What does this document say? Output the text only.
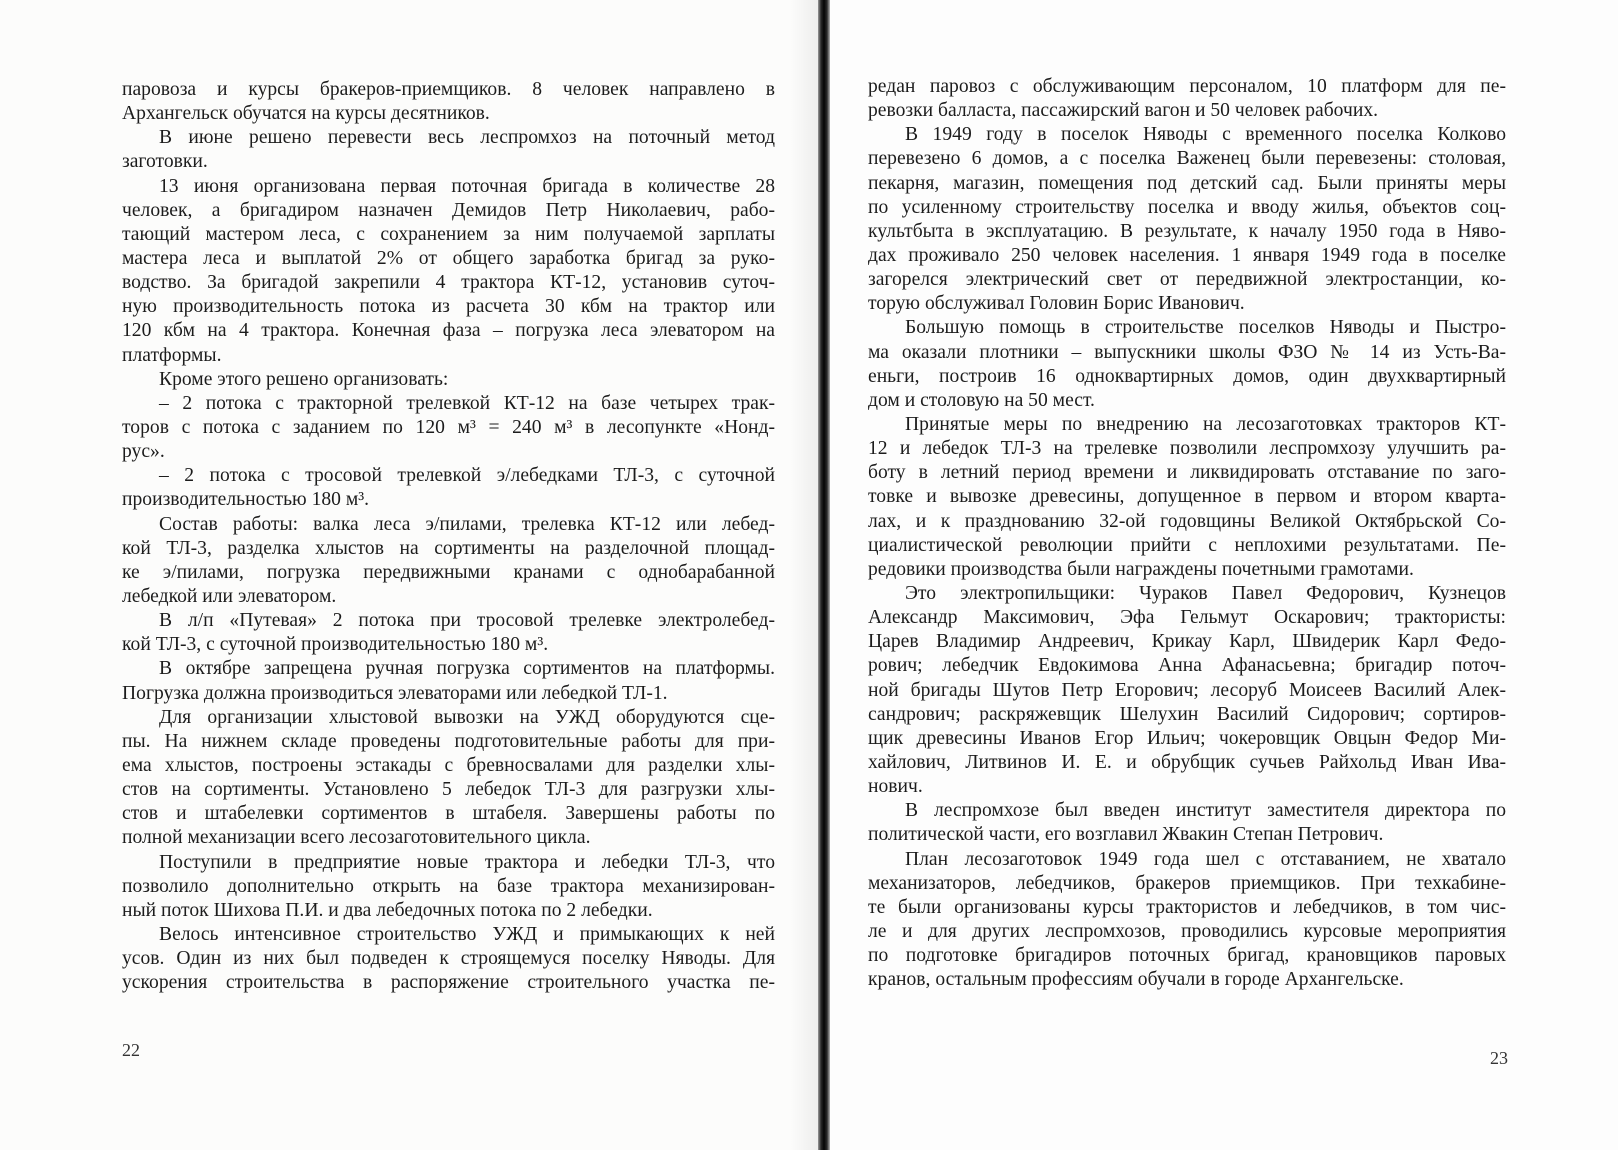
паровоза и курсы бракеров-приемщиков. 8 человек направлено в
Архангельск обучатся на курсы десятников.
В июне решено перевести весь леспромхоз на поточный метод
заготовки.
13 июня организована первая поточная бригада в количестве 28
человек, а бригадиром назначен Демидов Петр Николаевич, рабо-
тающий мастером леса, с сохранением за ним получаемой зарплаты
мастера леса и выплатой 2% от общего заработка бригад за руко-
водство. За бригадой закрепили 4 трактора КТ-12, установив суточ-
ную производительность потока из расчета 30 кбм на трактор или
120 кбм на 4 трактора. Конечная фаза – погрузка леса элеватором на
платформы.
Кроме этого решено организовать:
– 2 потока с тракторной трелевкой КТ-12 на базе четырех трак-
торов с потока с заданием по 120 м³ = 240 м³ в лесопункте «Нонд-
рус».
– 2 потока с тросовой трелевкой э/лебедками ТЛ-3, с суточной
производительностью 180 м³.
Состав работы: валка леса э/пилами, трелевка КТ-12 или лебед-
кой ТЛ-3, разделка хлыстов на сортименты на разделочной площад-
ке э/пилами, погрузка передвижными кранами с однобарабанной
лебедкой или элеватором.
В л/п «Путевая» 2 потока при тросовой трелевке электролебед-
кой ТЛ-3, с суточной производительностью 180 м³.
В октябре запрещена ручная погрузка сортиментов на платформы.
Погрузка должна производиться элеваторами или лебедкой ТЛ-1.
Для организации хлыстовой вывозки на УЖД оборудуются сце-
пы. На нижнем складе проведены подготовительные работы для при-
ема хлыстов, построены эстакады с бревносвалами для разделки хлы-
стов на сортименты. Установлено 5 лебедок ТЛ-3 для разгрузки хлы-
стов и штабелевки сортиментов в штабеля. Завершены работы по
полной механизации всего лесозаготовительного цикла.
Поступили в предприятие новые трактора и лебедки ТЛ-3, что
позволило дополнительно открыть на базе трактора механизирован-
ный поток Шихова П.И. и два лебедочных потока по 2 лебедки.
Велось интенсивное строительство УЖД и примыкающих к ней
усов. Один из них был подведен к строящемуся поселку Няводы. Для
ускорения строительства в распоряжение строительного участка пе-
22
редан паровоз с обслуживающим персоналом, 10 платформ для пе-
ревозки балласта, пассажирский вагон и 50 человек рабочих.
В 1949 году в поселок Няводы с временного поселка Колково
перевезено 6 домов, а с поселка Важенец были перевезены: столовая,
пекарня, магазин, помещения под детский сад. Были приняты меры
по усиленному строительству поселка и вводу жилья, объектов соц-
культбыта в эксплуатацию. В результате, к началу 1950 года в Няво-
дах проживало 250 человек населения. 1 января 1949 года в поселке
загорелся электрический свет от передвижной электростанции, ко-
торую обслуживал Головин Борис Иванович.
Большую помощь в строительстве поселков Няводы и Пыстро-
ма оказали плотники – выпускники школы ФЗО № 14 из Усть-Ва-
еньги, построив 16 одноквартирных домов, один двухквартирный
дом и столовую на 50 мест.
Принятые меры по внедрению на лесозаготовках тракторов КТ-
12 и лебедок ТЛ-3 на трелевке позволили леспромхозу улучшить ра-
боту в летний период времени и ликвидировать отставание по заго-
товке и вывозке древесины, допущенное в первом и втором кварта-
лах, и к празднованию 32-ой годовщины Великой Октябрьской Со-
циалистической революции прийти с неплохими результатами. Пе-
редовики производства были награждены почетными грамотами.
Это электропильщики: Чураков Павел Федорович, Кузнецов
Александр Максимович, Эфа Гельмут Оскарович; трактористы:
Царев Владимир Андреевич, Крикау Карл, Швидерик Карл Федо-
рович; лебедчик Евдокимова Анна Афанасьевна; бригадир поточ-
ной бригады Шутов Петр Егорович; лесоруб Моисеев Василий Алек-
сандрович; раскряжевщик Шелухин Василий Сидорович; сортиров-
щик древесины Иванов Егор Ильич; чокеровщик Овцын Федор Ми-
хайлович, Литвинов И. Е. и обрубщик сучьев Райхольд Иван Ива-
нович.
В леспромхозе был введен институт заместителя директора по
политической части, его возглавил Жвакин Степан Петрович.
План лесозаготовок 1949 года шел с отставанием, не хватало
механизаторов, лебедчиков, бракеров приемщиков. При техкабине-
те были организованы курсы трактористов и лебедчиков, в том чис-
ле и для других леспромхозов, проводились курсовые мероприятия
по подготовке бригадиров поточных бригад, крановщиков паровых
кранов, остальным профессиям обучали в городе Архангельске.
23
